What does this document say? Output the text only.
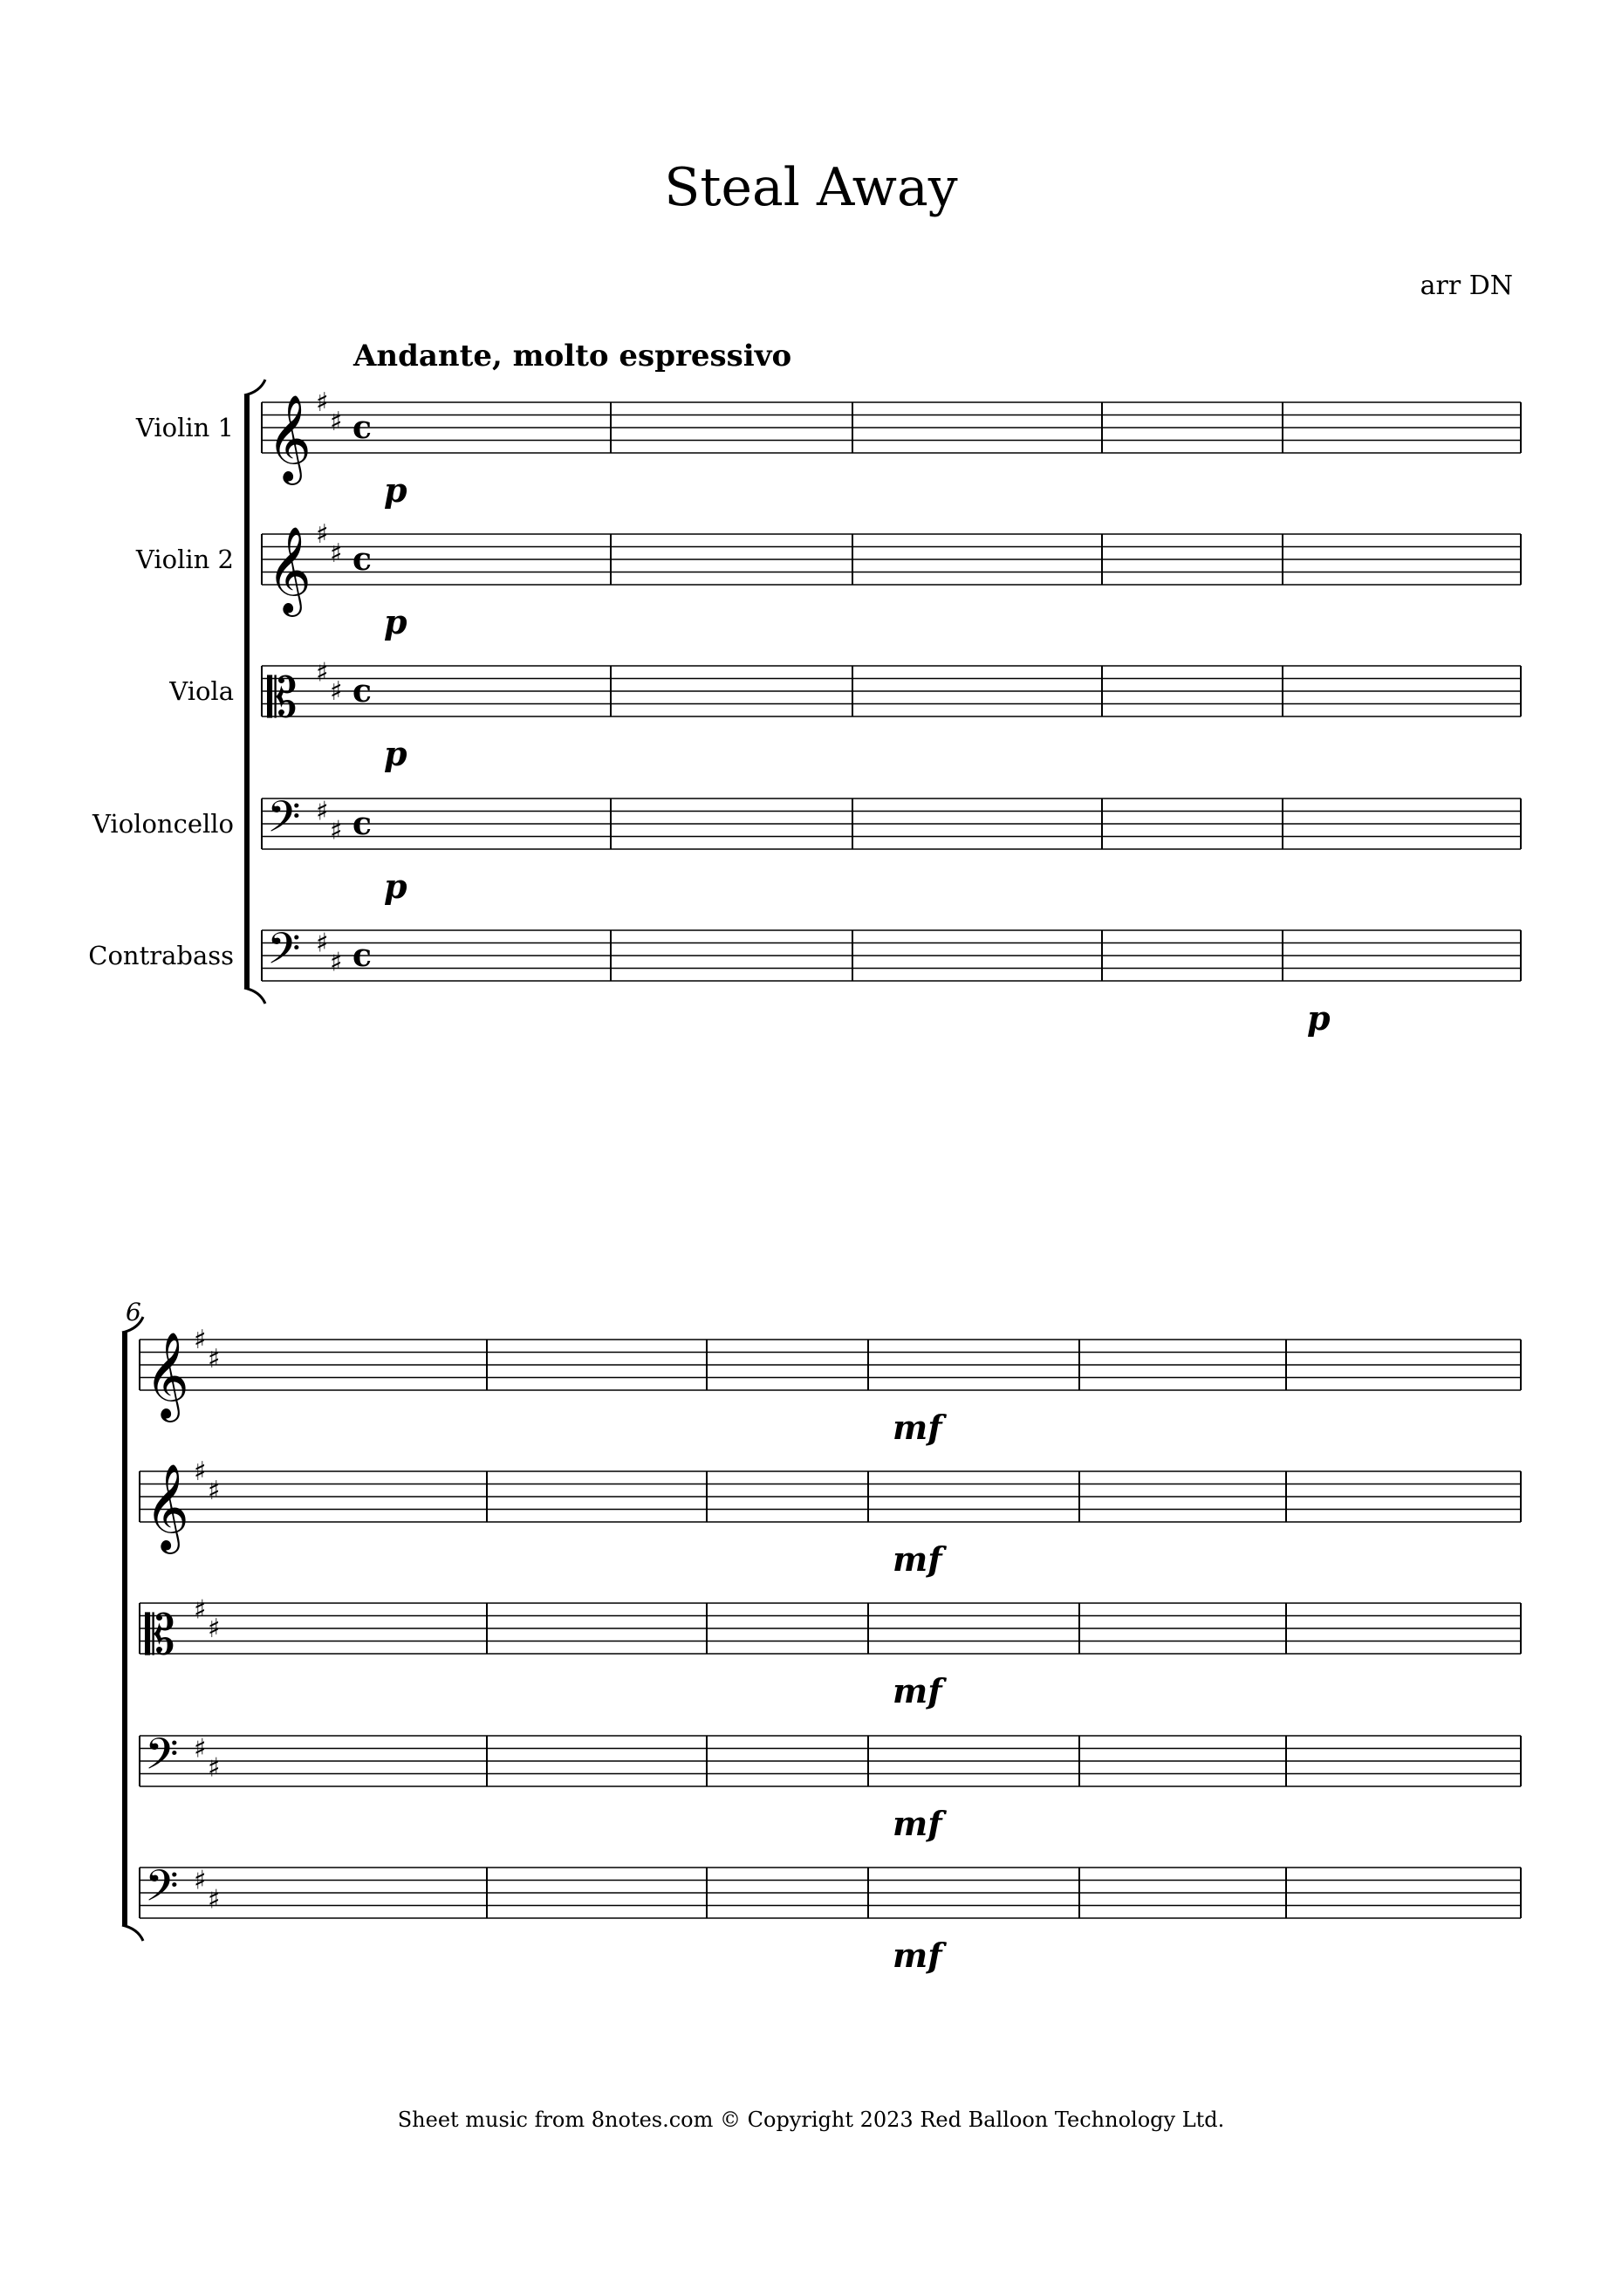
Steal Away
arr DN
Andante, molto espressivo
𝄞 ♯
♯ c
Violin 1
𝄞 ♯
♯ c
Violin 2
𝄡 ♯
♯ c
Viola
𝄢 ♯
♯ c
Violoncello
𝄢 ♯
♯ c
Contrabass
p
p
p
p
p
𝄞 ♯
♯
𝄞 ♯
♯
𝄡 ♯
♯
𝄢 ♯
♯
𝄢 ♯
♯
6
mf
mf
mf
mf
mf
Sheet music from 8notes.com © Copyright 2023 Red Balloon Technology Ltd.
